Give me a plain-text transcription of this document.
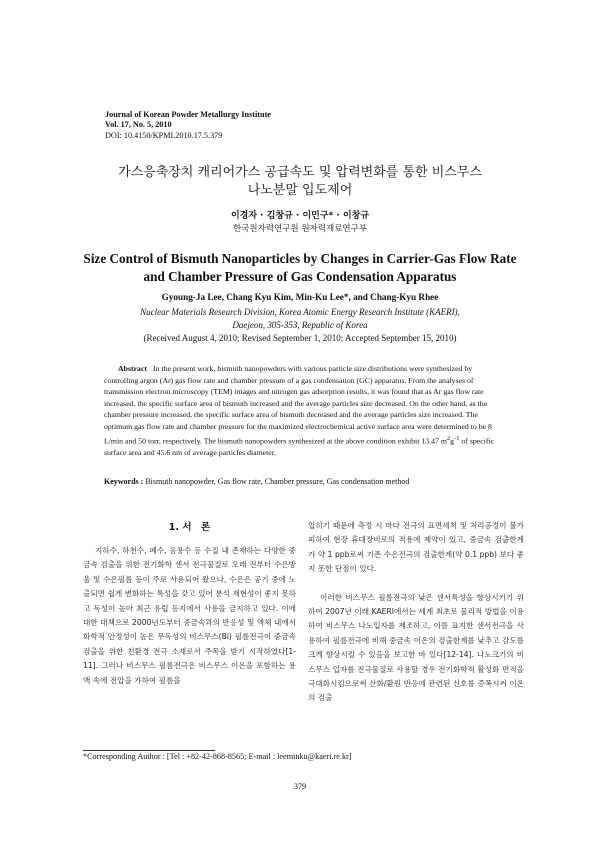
Journal of Korean Powder Metallurgy Institute
Vol. 17, No. 5, 2010
DOI: 10.4150/KPMI.2010.17.5.379
가스응축장치 캐리어가스 공급속도 및 압력변화를 통한 비스무스
나노분말 입도제어
이경자 · 김창규 · 이민구* · 이창규
한국원자력연구원 원자력재료연구부
Size Control of Bismuth Nanoparticles by Changes in Carrier-Gas Flow Rate
and Chamber Pressure of Gas Condensation Apparatus
Gyoung-Ja Lee, Chang Kyu Kim, Min-Ku Lee*, and Chang-Kyu Rhee
Nuclear Materials Research Division, Korea Atomic Energy Research Institute (KAERI),
Daejeon, 305-353, Republic of Korea
(Received August 4, 2010; Revised September 1, 2010; Accepted September 15, 2010)
Abstract In the present work, bismuth nanopowders with various particle size distributions were synthesized by controlling argon (Ar) gas flow rate and chamber pressure of a gas condensation (GC) apparatus. From the analyses of transmission electron microscopy (TEM) images and nitrogen gas adsorption results, it was found that as Ar gas flow rate increased, the specific surface area of bismuth increased and the average particles size decreased. On the other hand, as the chamber pressure increased, the specific surface area of bismuth decreased and the average particles size increased. The optimum gas flow rate and chamber pressure for the maximized electrochemical active surface area were determined to be 8 L/min and 50 torr, respectively. The bismuth nanopowders synthesized at the above condition exhibit 13.47 $m^2g^{-1}$ of specific surface area and 45.6 nm of average particles diameter.
Keywords : Bismuth nanopowder, Gas flow rate, Chamber pressure, Gas condensation method
1. 서　론

지하수, 하천수, 폐수, 음용수 등 수질 내 존재하는 다양한 중금속 검출을 위한 전기화학 센서 전극물질로 오래 전부터 수은방울 및 수은필름 등이 주로 사용되어 왔으나, 수은은 공기 중에 노출되면 쉽게 변화하는 특성을 갖고 있어 분석 재현성이 좋지 못하고 독성이 높아 최근 유럽 등지에서 사용을 금지하고 있다. 이에 대한 대책으로 2000년도부터 중금속과의 반응성 및 액체 내에서 화학적 안정성이 높은 무독성의 비스무스(Bi) 필름전극이 중금속 검출을 위한 친환경 전극 소재로서 주목을 받기 시작하였다[1-11]. 그러나 비스무스 필름전극은 비스무스 이온을 포함하는 용액 속에 전압을 가하여 필름을

입히기 때문에 측정 시 마다 전극의 표면세척 및 처리공정이 불가피하여 현장 휴대장비로의 적용에 제약이 있고, 중금속 검출한계가 약 1 ppb로써 기존 수은전극의 검출한계(약 0.1 ppb) 보다 좋지 못한 단점이 있다.

이러한 비스무스 필름전극의 낮은 센서특성을 향상시키기 위하여 2007년 이래 KAERI에서는 세계 최초로 물리적 방법을 이용하여 비스무스 나노입자를 제조하고, 이를 표지한 센서전극을 사용하여 필름전극에 비해 중금속 이온의 검출한계를 낮추고 감도를 크게 향상시킬 수 있음을 보고한 바 있다[12-14]. 나노크기의 비스무스 입자를 전극물질로 사용할 경우 전기화학적 활성화 면적을 극대화시킴으로써 산화/환원 반응에 관련된 신호를 증폭시켜 이온의 검출

*Corresponding Author : [Tel : +82-42-868-8565; E-mail : leeminku@kaeri.re.kr]
379
